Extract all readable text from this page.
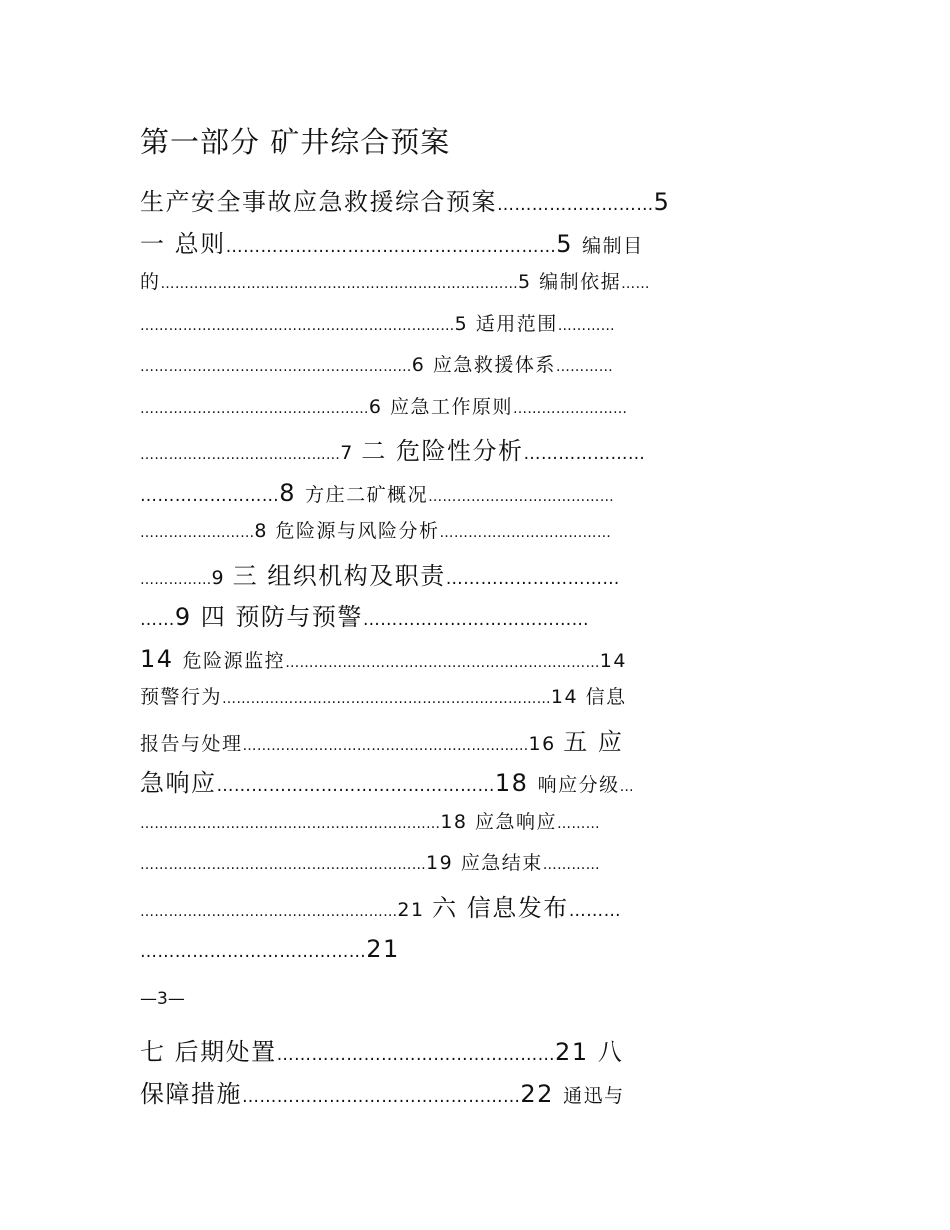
第一部分 矿井综合预案
生产安全事故应急救援综合预案………………………5
一 总则…………………………………………………5 编制目
的…………………………………………………………………5 编制依据……
…………………………………………………………5 适用范围…………
…………………………………………………6 应急救援体系…………
…………………………………………6 应急工作原则……………………
……………………………………7 二 危险性分析…………………
……………………8 方庄二矿概况…………………………………
……………………8 危险源与风险分析………………………………
……………9 三 组织机构及职责…………………………
……9 四 预防与预警…………………………………
14 危险源监控…………………………………………………………14
预警行为……………………………………………………………14 信息
报告与处理……………………………………………………16 五 应
急响应…………………………………………18 响应分级…
………………………………………………………18 应急响应………
……………………………………………………19 应急结束…………
………………………………………………21 六 信息发布………
…………………………………21
—3—
七 后期处置…………………………………………21 八
保障措施…………………………………………22 通迅与
